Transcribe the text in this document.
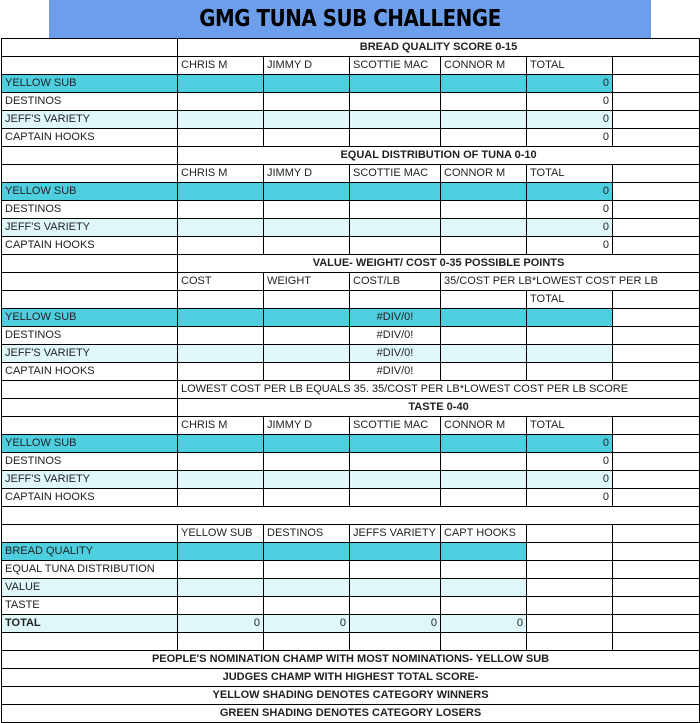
GMG TUNA SUB CHALLENGE
	BREAD QUALITY SCORE 0-15					
	CHRIS M	JIMMY D	SCOTTIE MAC	CONNOR M	TOTAL	
YELLOW SUB					0	
DESTINOS					0	
JEFF'S VARIETY					0	
CAPTAIN HOOKS					0	
	EQUAL DISTRIBUTION OF TUNA 0-10					
	CHRIS M	JIMMY D	SCOTTIE MAC	CONNOR M	TOTAL	
YELLOW SUB					0	
DESTINOS					0	
JEFF'S VARIETY					0	
CAPTAIN HOOKS					0	
	VALUE- WEIGHT/ COST 0-35 POSSIBLE POINTS					
	COST	WEIGHT	COST/LB	35/COST PER LB*LOWEST COST PER LB		
					TOTAL	
YELLOW SUB			#DIV/0!			
DESTINOS			#DIV/0!			
JEFF'S VARIETY			#DIV/0!			
CAPTAIN HOOKS			#DIV/0!			
	LOWEST COST PER LB EQUALS 35. 35/COST PER LB*LOWEST COST PER LB SCORE					
	TASTE 0-40					
	CHRIS M	JIMMY D	SCOTTIE MAC	CONNOR M	TOTAL	
YELLOW SUB					0	
DESTINOS					0	
JEFF'S VARIETY					0	
CAPTAIN HOOKS					0	

	YELLOW SUB	DESTINOS	JEFFS VARIETY	CAPT HOOKS		
BREAD QUALITY						
EQUAL TUNA DISTRIBUTION						
VALUE						
TASTE						
TOTAL	0	0	0	0		

PEOPLE'S NOMINATION CHAMP WITH MOST NOMINATIONS- YELLOW SUB						
JUDGES CHAMP WITH HIGHEST TOTAL SCORE-						
YELLOW SHADING DENOTES CATEGORY WINNERS						
GREEN SHADING DENOTES CATEGORY LOSERS						
